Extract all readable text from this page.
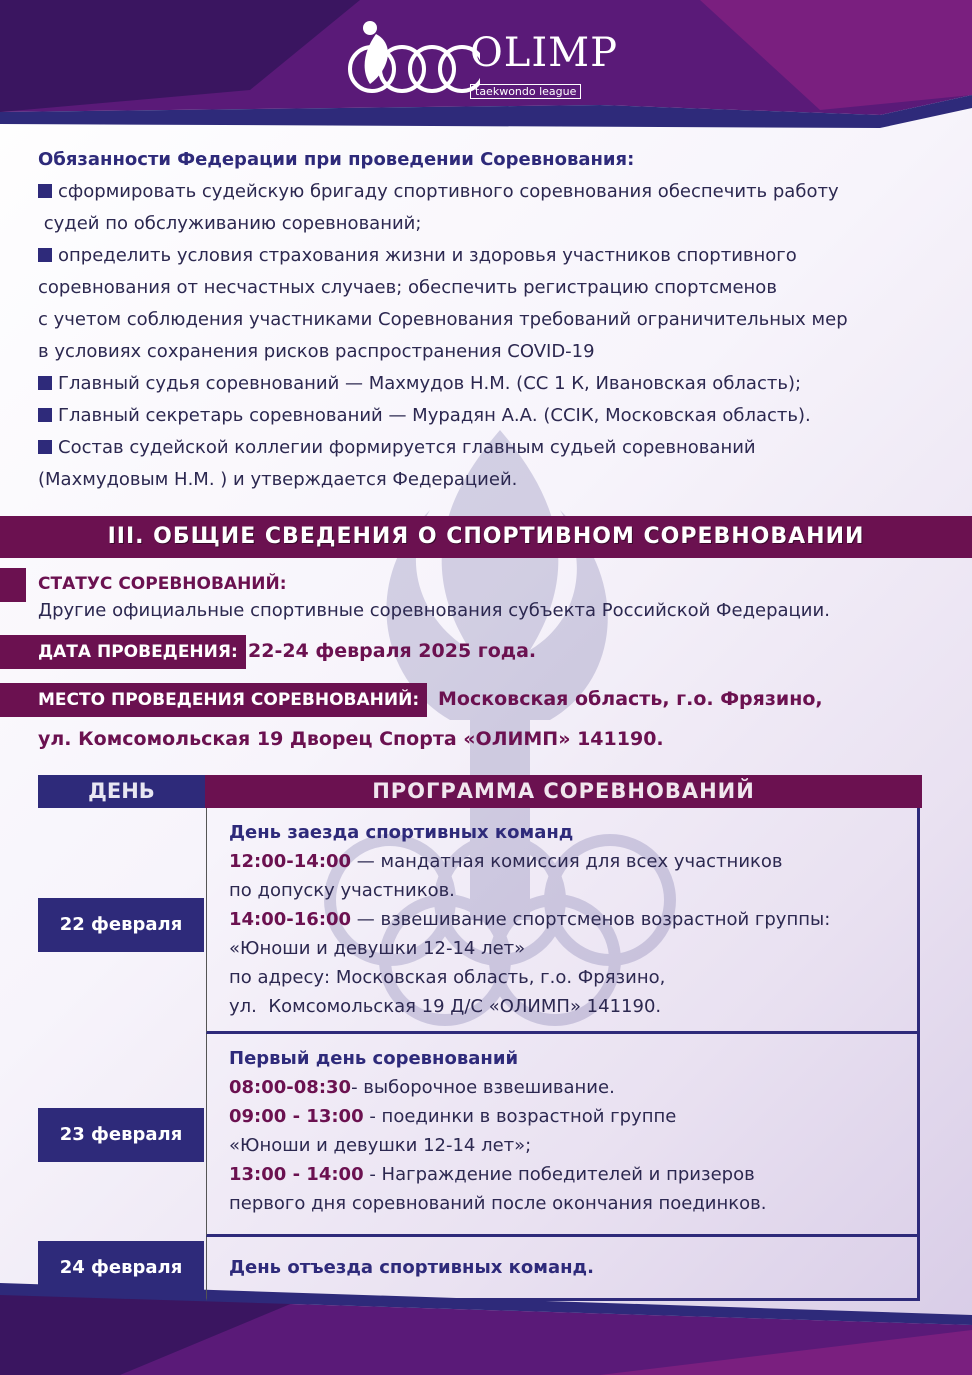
OLIMP
taekwondo league
Обязанности Федерации при проведении Соревнования:
сформировать судейскую бригаду спортивного соревнования обеспечить работу
судей по обслуживанию соревнований;
определить условия страхования жизни и здоровья участников спортивного
соревнования от несчастных случаев; обеспечить регистрацию спортсменов
с учетом соблюдения участниками Соревнования требований ограничительных мер
в условиях сохранения рисков распространения COVID-19
Главный судья соревнований — Махмудов Н.М. (СС 1 К, Ивановская область);
Главный секретарь соревнований — Мурадян А.А. (ССIК, Московская область).
Состав судейской коллегии формируется главным судьей соревнований
(Махмудовым Н.М. ) и утверждается Федерацией.
III. ОБЩИЕ СВЕДЕНИЯ О СПОРТИВНОМ СОРЕВНОВАНИИ
СТАТУС СОРЕВНОВАНИЙ:
Другие официальные спортивные соревнования субъекта Российской Федерации.
ДАТА ПРОВЕДЕНИЯ: 22-24 февраля 2025 года.
МЕСТО ПРОВЕДЕНИЯ СОРЕВНОВАНИЙ: Московская область, г.о. Фрязино,
ул. Комсомольская 19 Дворец Спорта «ОЛИМП» 141190.
ДЕНЬ	ПРОГРАММА СОРЕВНОВАНИЙ
22 февраля
День заезда спортивных команд
12:00-14:00 — мандатная комиссия для всех участников
по допуску участников.
14:00-16:00 — взвешивание спортсменов возрастной группы:
«Юноши и девушки 12-14 лет»
по адресу: Московская область, г.о. Фрязино,
ул.  Комсомольская 19 Д/С «ОЛИМП» 141190.
23 февраля
Первый день соревнований
08:00-08:30- выборочное взвешивание.
09:00 - 13:00 - поединки в возрастной группе
«Юноши и девушки 12-14 лет»;
13:00 - 14:00 - Награждение победителей и призеров
первого дня соревнований после окончания поединков.
24 февраля	День отъезда спортивных команд.
